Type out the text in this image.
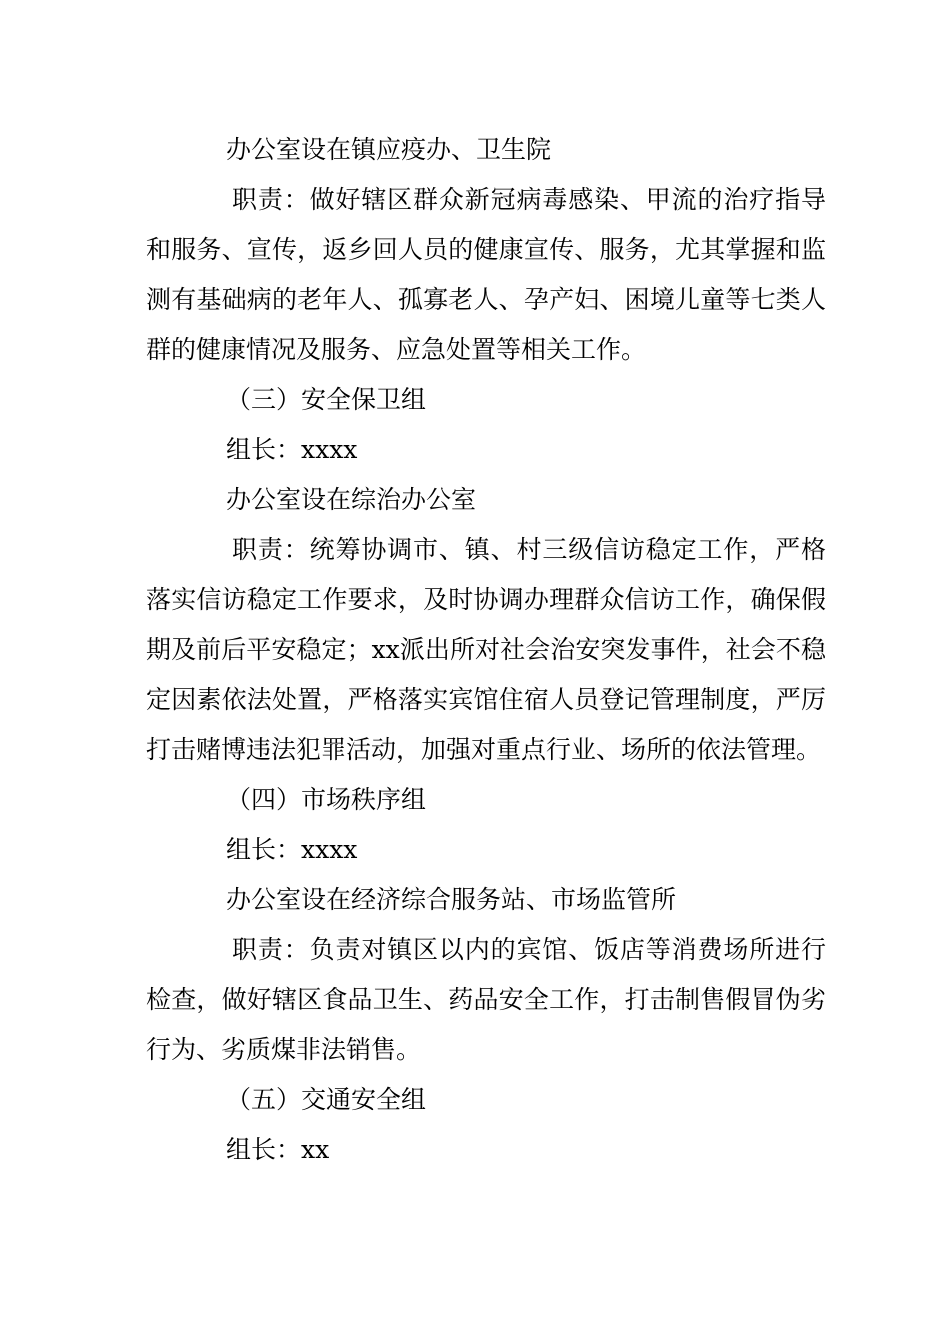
办公室设在镇应疫办、卫生院

职责：做好辖区群众新冠病毒感染、甲流的治疗指导和服务、宣传，返乡回人员的健康宣传、服务，尤其掌握和监测有基础病的老年人、孤寡老人、孕产妇、困境儿童等七类人群的健康情况及服务、应急处置等相关工作。

（三）安全保卫组

组长：xxxx

办公室设在综治办公室

职责：统筹协调市、镇、村三级信访稳定工作，严格落实信访稳定工作要求，及时协调办理群众信访工作，确保假期及前后平安稳定；xx派出所对社会治安突发事件，社会不稳定因素依法处置，严格落实宾馆住宿人员登记管理制度，严厉打击赌博违法犯罪活动，加强对重点行业、场所的依法管理。

（四）市场秩序组

组长：xxxx

办公室设在经济综合服务站、市场监管所

职责：负责对镇区以内的宾馆、饭店等消费场所进行检查，做好辖区食品卫生、药品安全工作，打击制售假冒伪劣行为、劣质煤非法销售。

（五）交通安全组

组长：xx
